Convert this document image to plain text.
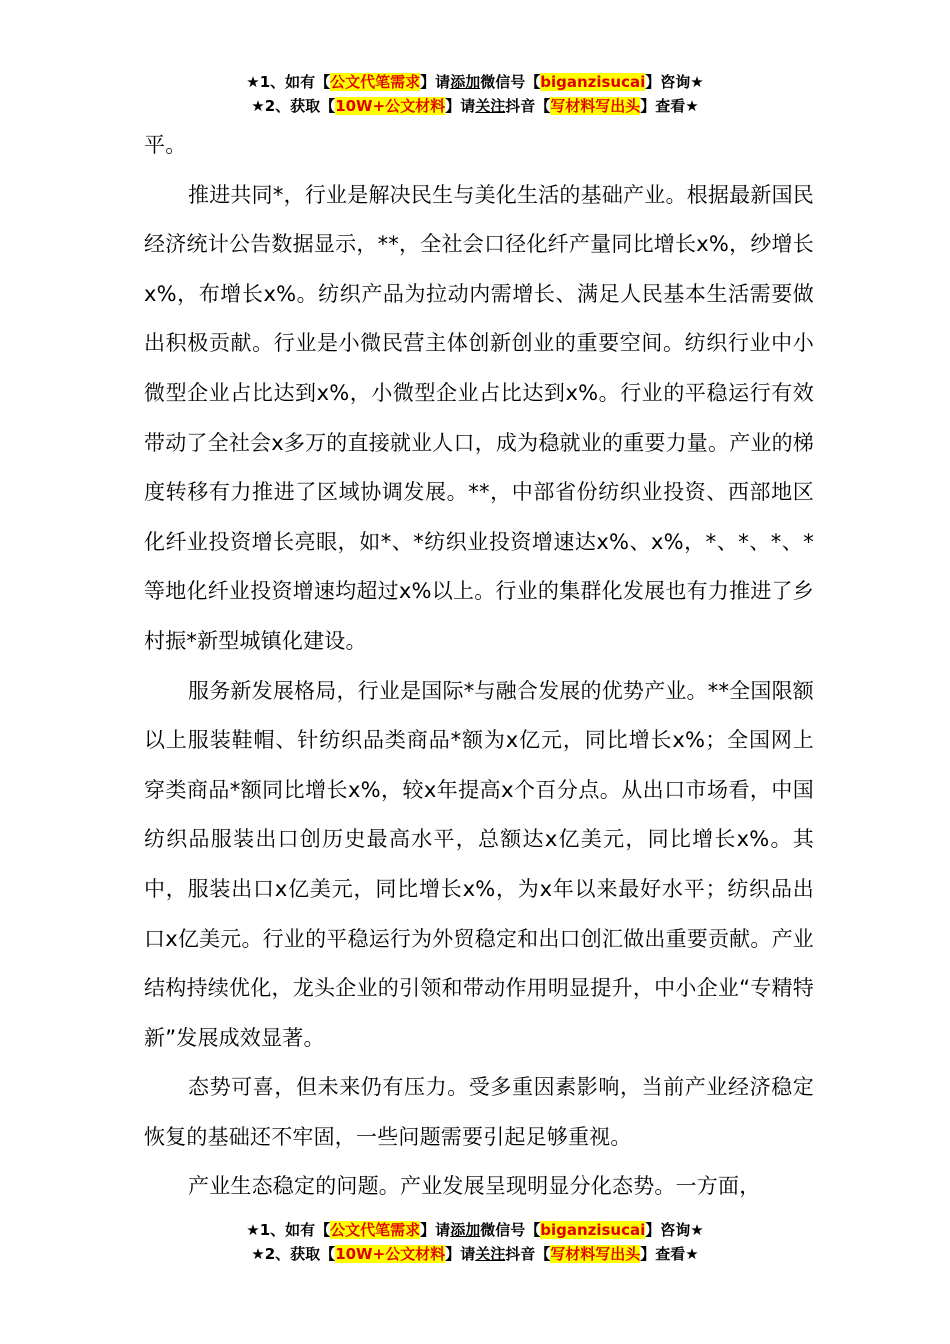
★1、如有【公文代笔需求】请添加微信号【biganzisucai】咨询★
★2、获取【10W+公文材料】请关注抖音【写材料写出头】查看★

平。

推进共同*，行业是解决民生与美化生活的基础产业。根据最新国民经济统计公告数据显示，**，全社会口径化纤产量同比增长x%，纱增长x%，布增长x%。纺织产品为拉动内需增长、满足人民基本生活需要做出积极贡献。行业是小微民营主体创新创业的重要空间。纺织行业中小微型企业占比达到x%，小微型企业占比达到x%。行业的平稳运行有效带动了全社会x多万的直接就业人口，成为稳就业的重要力量。产业的梯度转移有力推进了区域协调发展。**，中部省份纺织业投资、西部地区化纤业投资增长亮眼，如*、*纺织业投资增速达x%、x%，*、*、*、*等地化纤业投资增速均超过x%以上。行业的集群化发展也有力推进了乡村振*新型城镇化建设。

服务新发展格局，行业是国际*与融合发展的优势产业。**全国限额以上服装鞋帽、针纺织品类商品*额为x亿元，同比增长x%；全国网上穿类商品*额同比增长x%，较x年提高x个百分点。从出口市场看，中国纺织品服装出口创历史最高水平，总额达x亿美元，同比增长x%。其中，服装出口x亿美元，同比增长x%，为x年以来最好水平；纺织品出口x亿美元。行业的平稳运行为外贸稳定和出口创汇做出重要贡献。产业结构持续优化，龙头企业的引领和带动作用明显提升，中小企业“专精特新”发展成效显著。

态势可喜，但未来仍有压力。受多重因素影响，当前产业经济稳定恢复的基础还不牢固，一些问题需要引起足够重视。

产业生态稳定的问题。产业发展呈现明显分化态势。一方面，

★1、如有【公文代笔需求】请添加微信号【biganzisucai】咨询★
★2、获取【10W+公文材料】请关注抖音【写材料写出头】查看★
